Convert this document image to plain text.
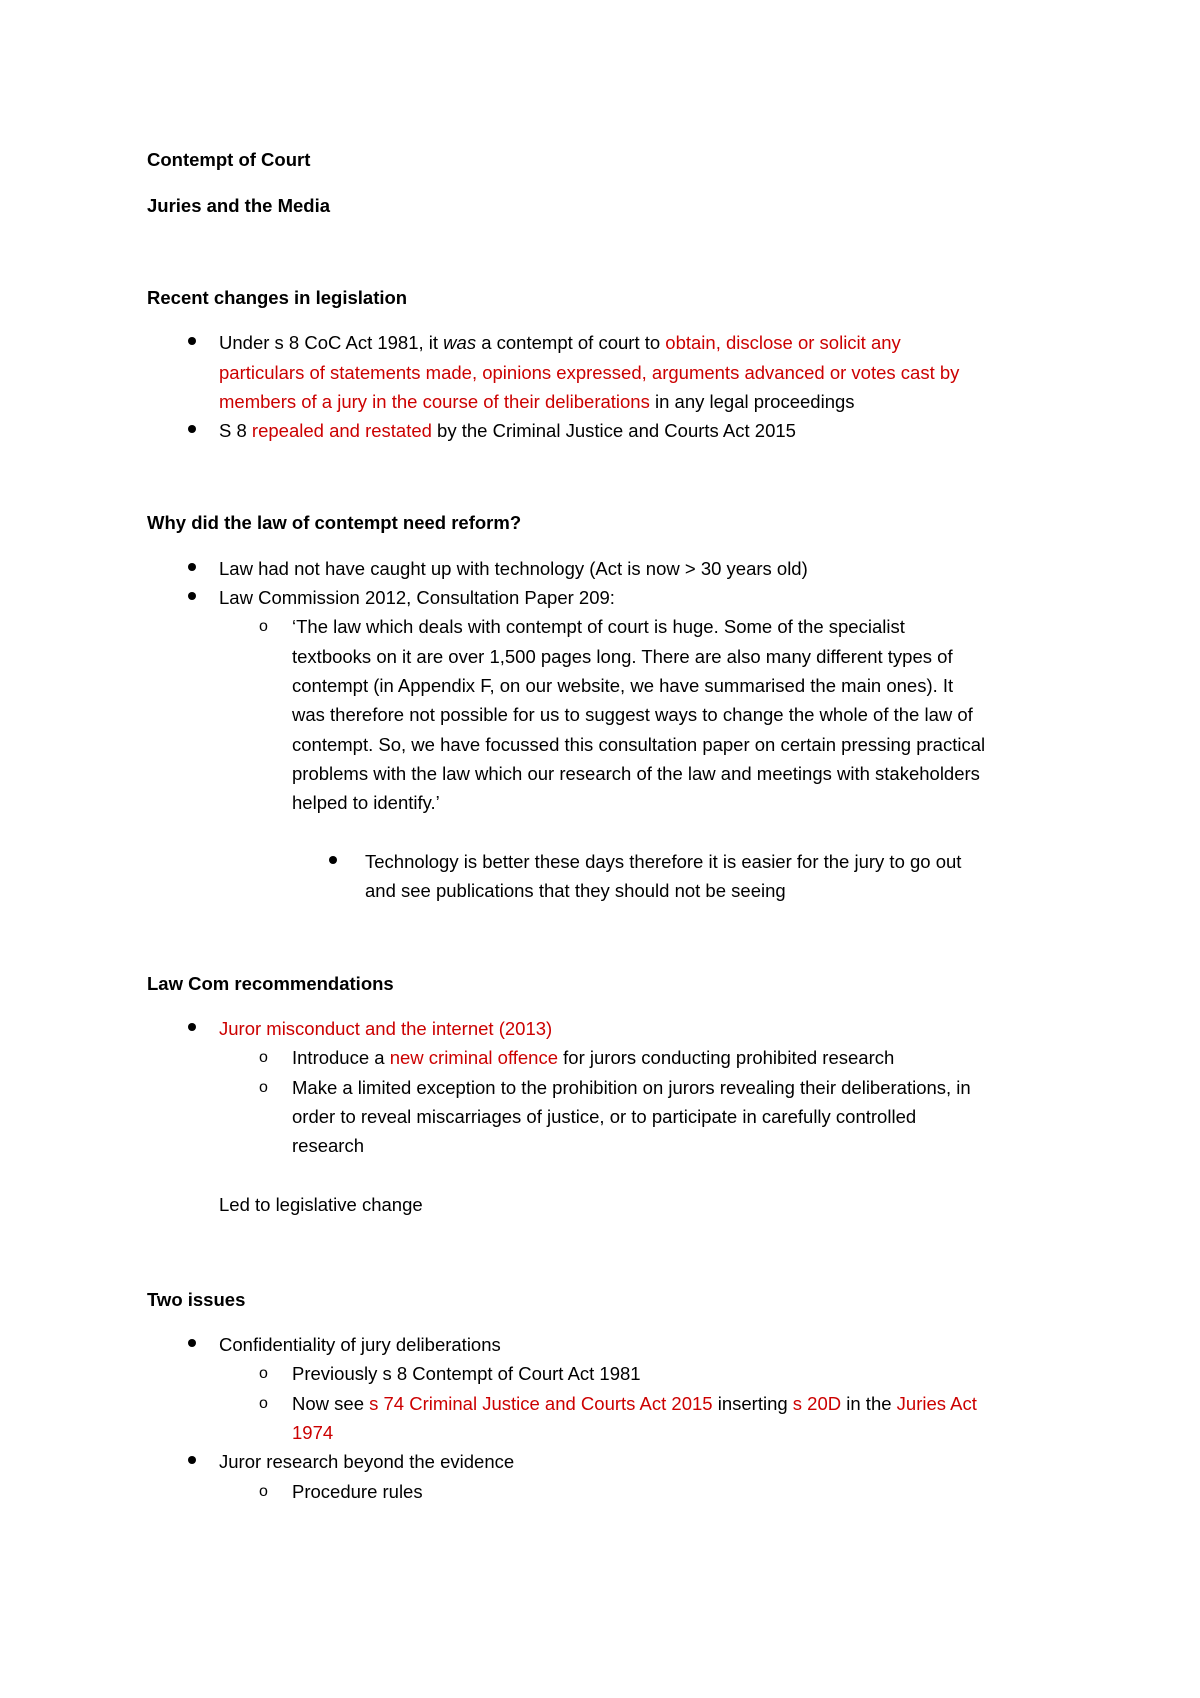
Contempt of Court
Juries and the Media
Recent changes in legislation
Under s 8 CoC Act 1981, it was a contempt of court to obtain, disclose or solicit any
particulars of statements made, opinions expressed, arguments advanced or votes cast by
members of a jury in the course of their deliberations in any legal proceedings
S 8 repealed and restated by the Criminal Justice and Courts Act 2015
Why did the law of contempt need reform?
Law had not have caught up with technology (Act is now > 30 years old)
Law Commission 2012, Consultation Paper 209:
o ‘The law which deals with contempt of court is huge. Some of the specialist
textbooks on it are over 1,500 pages long. There are also many different types of
contempt (in Appendix F, on our website, we have summarised the main ones). It
was therefore not possible for us to suggest ways to change the whole of the law of
contempt. So, we have focussed this consultation paper on certain pressing practical
problems with the law which our research of the law and meetings with stakeholders
helped to identify.’
Technology is better these days therefore it is easier for the jury to go out
and see publications that they should not be seeing
Law Com recommendations
Juror misconduct and the internet (2013)
o Introduce a new criminal offence for jurors conducting prohibited research
o Make a limited exception to the prohibition on jurors revealing their deliberations, in
order to reveal miscarriages of justice, or to participate in carefully controlled
research
Led to legislative change
Two issues
Confidentiality of jury deliberations
o Previously s 8 Contempt of Court Act 1981
o Now see s 74 Criminal Justice and Courts Act 2015 inserting s 20D in the Juries Act
1974
Juror research beyond the evidence
o Procedure rules
